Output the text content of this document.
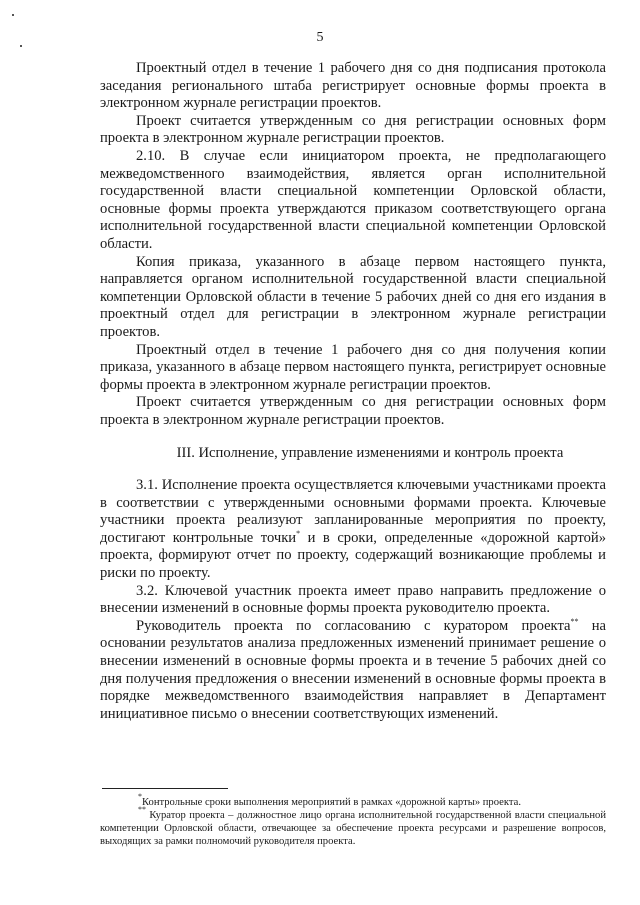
5

Проектный отдел в течение 1 рабочего дня со дня подписания протокола заседания регионального штаба регистрирует основные формы проекта в электронном журнале регистрации проектов.

Проект считается утвержденным со дня регистрации основных форм проекта в электронном журнале регистрации проектов.

2.10. В случае если инициатором проекта, не предполагающего межведомственного взаимодействия, является орган исполнительной государственной власти специальной компетенции Орловской области, основные формы проекта утверждаются приказом соответствующего органа исполнительной государственной власти специальной компетенции Орловской области.

Копия приказа, указанного в абзаце первом настоящего пункта, направляется органом исполнительной государственной власти специальной компетенции Орловской области в течение 5 рабочих дней со дня его издания в проектный отдел для регистрации в электронном журнале регистрации проектов.

Проектный отдел в течение 1 рабочего дня со дня получения копии приказа, указанного в абзаце первом настоящего пункта, регистрирует основные формы проекта в электронном журнале регистрации проектов.

Проект считается утвержденным со дня регистрации основных форм проекта в электронном журнале регистрации проектов.

III. Исполнение, управление изменениями и контроль проекта

3.1. Исполнение проекта осуществляется ключевыми участниками проекта в соответствии с утвержденными основными формами проекта. Ключевые участники проекта реализуют запланированные мероприятия по проекту, достигают контрольные точки* и в сроки, определенные «дорожной картой» проекта, формируют отчет по проекту, содержащий возникающие проблемы и риски по проекту.

3.2. Ключевой участник проекта имеет право направить предложение о внесении изменений в основные формы проекта руководителю проекта.

Руководитель проекта по согласованию с куратором проекта** на основании результатов анализа предложенных изменений принимает решение о внесении изменений в основные формы проекта и в течение 5 рабочих дней со дня получения предложения о внесении изменений в основные формы проекта в порядке межведомственного взаимодействия направляет в Департамент инициативное письмо о внесении соответствующих изменений.

*Контрольные сроки выполнения мероприятий в рамках «дорожной карты» проекта.

** Куратор проекта – должностное лицо органа исполнительной государственной власти специальной компетенции Орловской области, отвечающее за обеспечение проекта ресурсами и разрешение вопросов, выходящих за рамки полномочий руководителя проекта.
